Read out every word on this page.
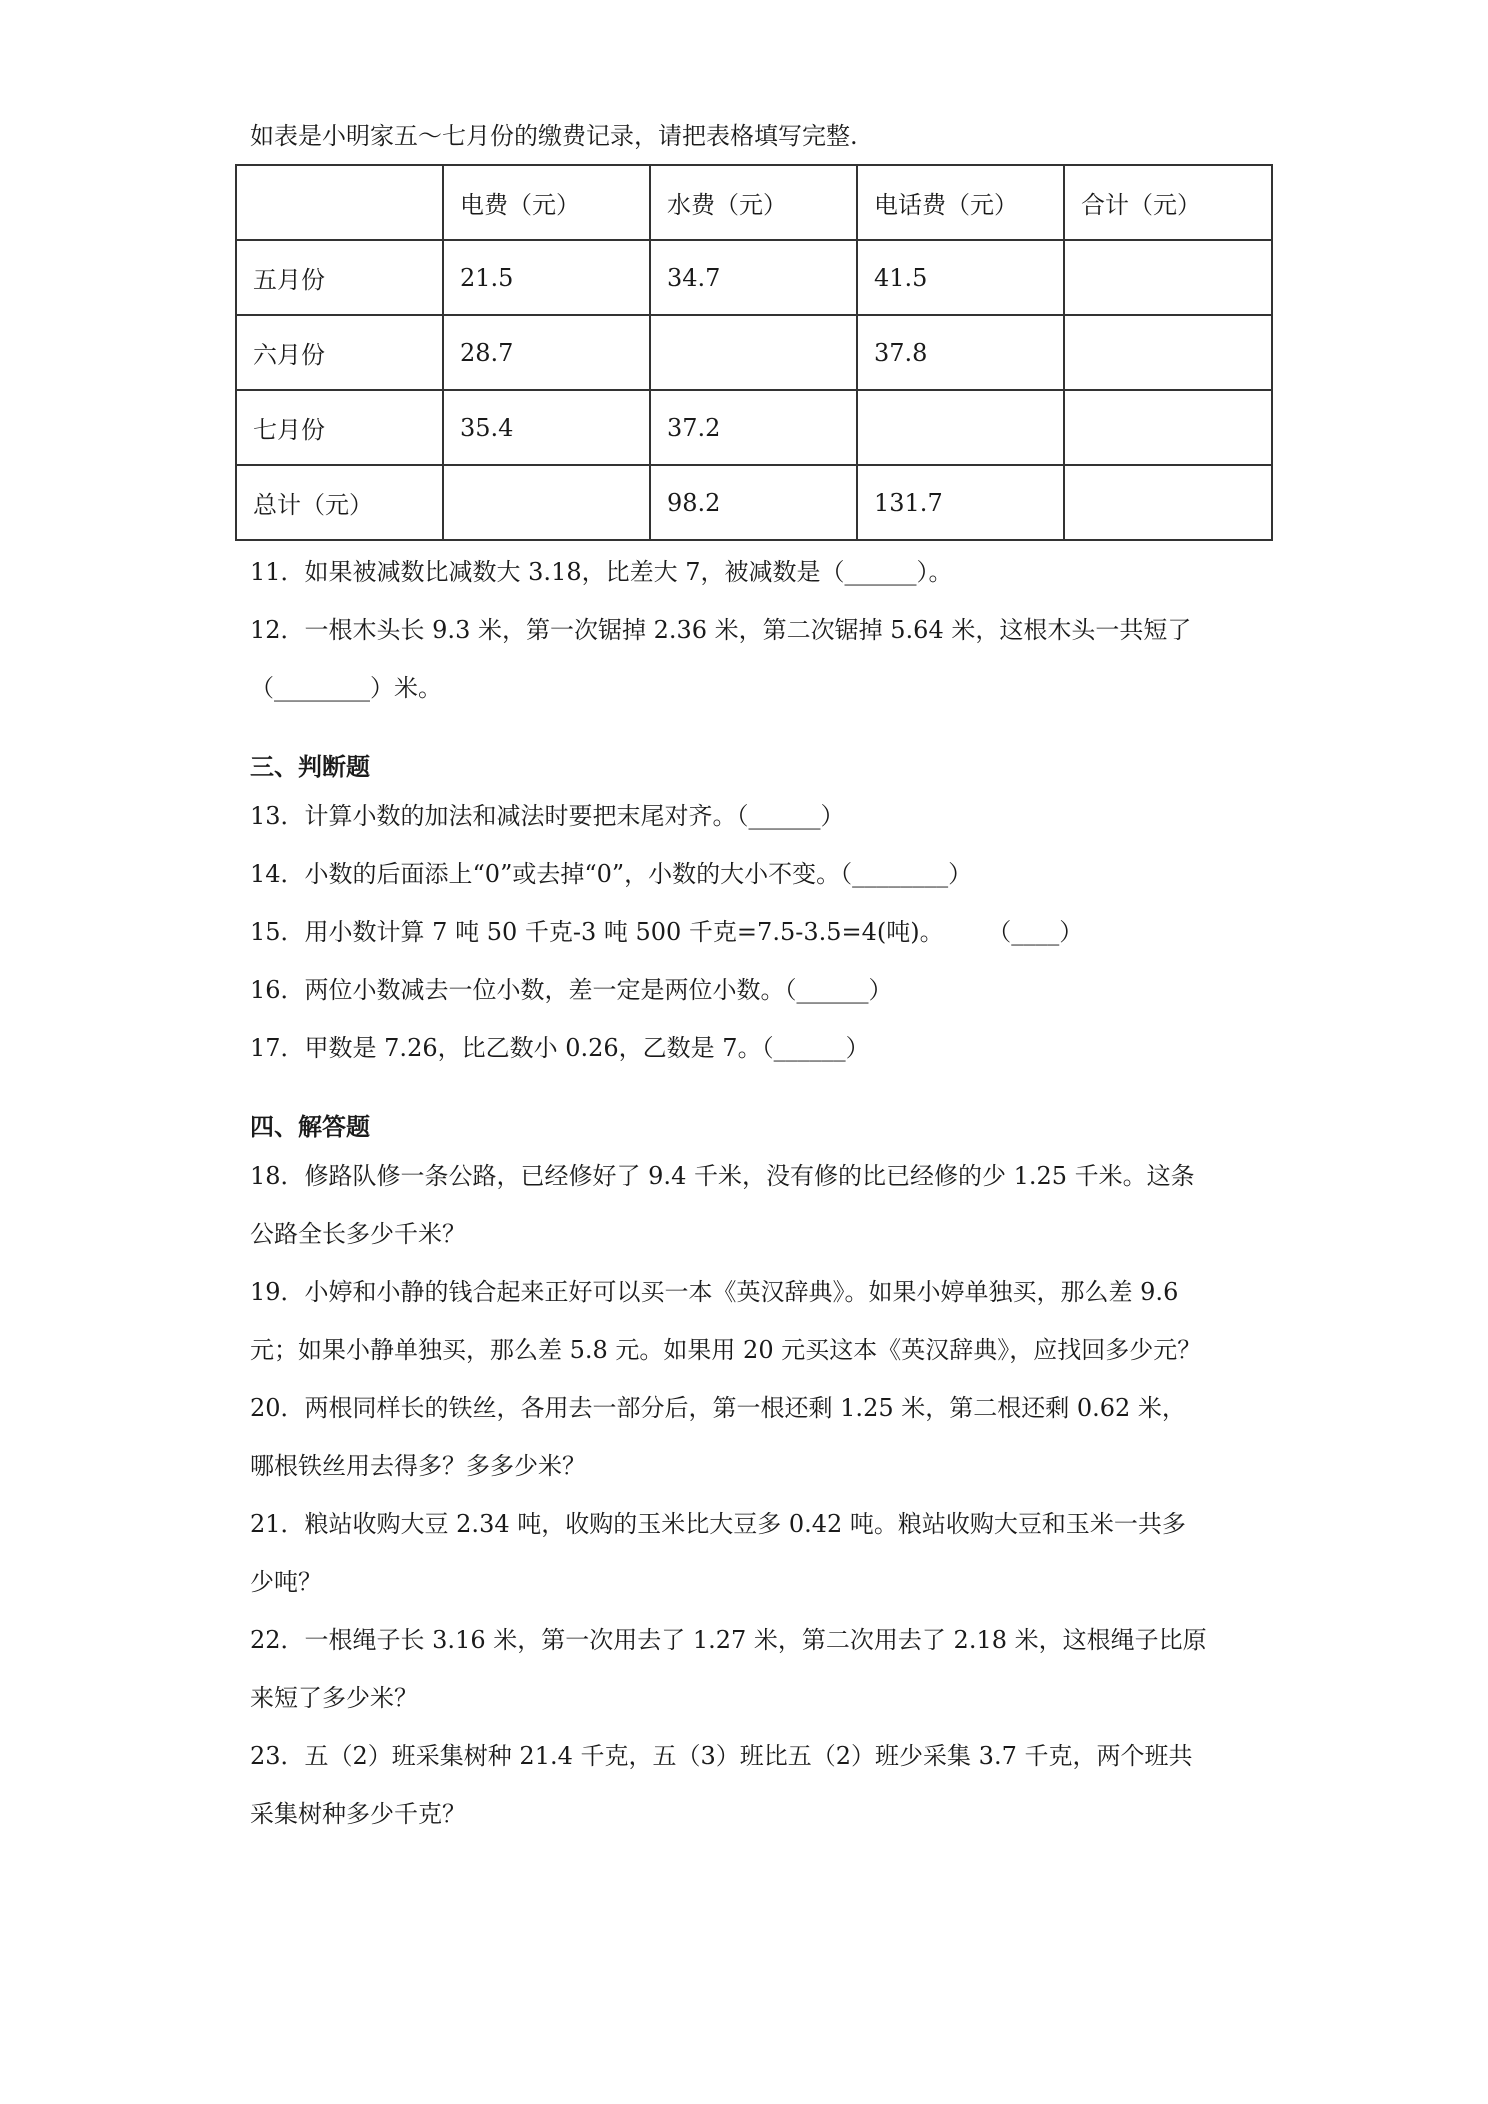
如表是小明家五～七月份的缴费记录，请把表格填写完整.

	电费（元）	水费（元）	电话费（元）	合计（元）
五月份	21.5	34.7	41.5	
六月份	28.7		37.8	
七月份	35.4	37.2		
总计（元）		98.2	131.7	

11．如果被减数比减数大 3.18，比差大 7，被减数是（______）。

12．一根木头长 9.3 米，第一次锯掉 2.36 米，第二次锯掉 5.64 米，这根木头一共短了

（________）米。

三、判断题

13．计算小数的加法和减法时要把末尾对齐。（______）

14．小数的后面添上“0”或去掉“0”，小数的大小不变。（________）

15．用小数计算 7 吨 50 千克-3 吨 500 千克=7.5-3.5=4(吨)。　　 （____）

16．两位小数减去一位小数，差一定是两位小数。（______）

17．甲数是 7.26，比乙数小 0.26，乙数是 7。（______）

四、解答题

18．修路队修一条公路，已经修好了 9.4 千米，没有修的比已经修的少 1.25 千米。这条

公路全长多少千米？

19．小婷和小静的钱合起来正好可以买一本《英汉辞典》。如果小婷单独买，那么差 9.6

元；如果小静单独买，那么差 5.8 元。如果用 20 元买这本《英汉辞典》，应找回多少元？

20．两根同样长的铁丝，各用去一部分后，第一根还剩 1.25 米，第二根还剩 0.62 米，

哪根铁丝用去得多？多多少米？

21．粮站收购大豆 2.34 吨，收购的玉米比大豆多 0.42 吨。粮站收购大豆和玉米一共多

少吨？

22．一根绳子长 3.16 米，第一次用去了 1.27 米，第二次用去了 2.18 米，这根绳子比原

来短了多少米？

23．五（2）班采集树种 21.4 千克，五（3）班比五（2）班少采集 3.7 千克，两个班共

采集树种多少千克？
